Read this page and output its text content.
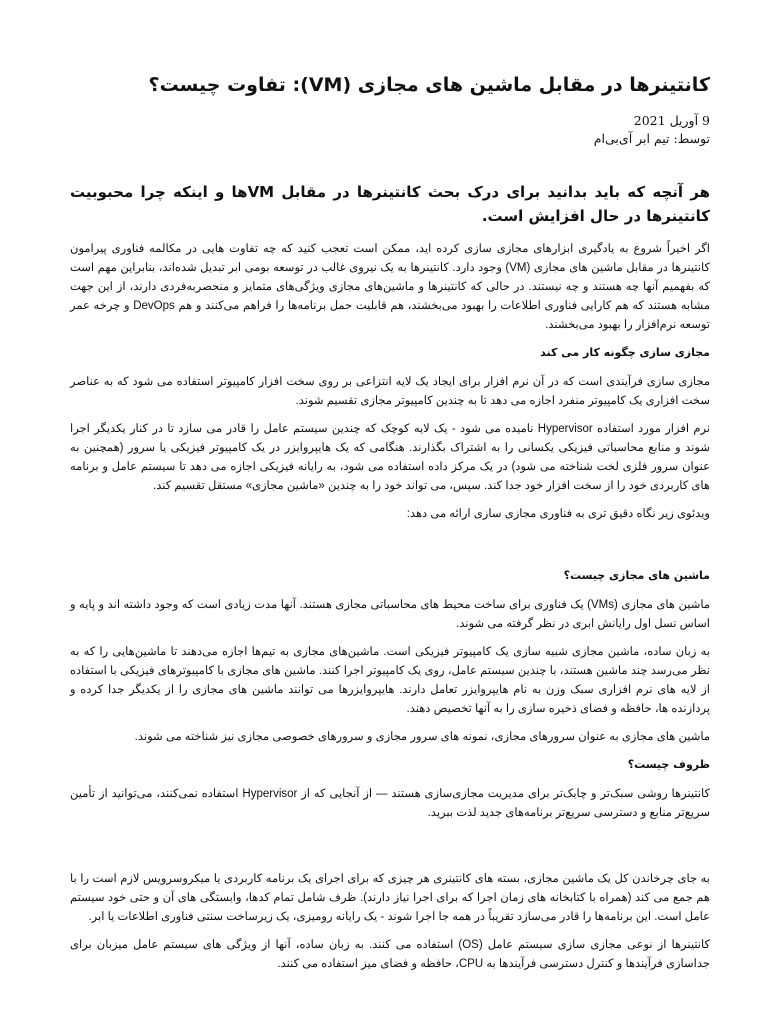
کانتینرها در مقابل ماشین های مجازی (VM): تفاوت چیست؟
9 آوریل 2021
توسط: تیم ابر آی‌بی‌ام
هر آنچه که باید بدانید برای درک بحث کانتینرها در مقابل VMها و اینکه چرا محبوبیت کانتینرها در حال افزایش است.

اگر اخیراً شروع به یادگیری ابزارهای مجازی سازی کرده اید، ممکن است تعجب کنید که چه تفاوت هایی در مکالمه فناوری پیرامون کانتینرها در مقابل ماشین های مجازی (VM) وجود دارد. کانتینرها به یک نیروی غالب در توسعه بومی ابر تبدیل شده‌اند، بنابراین مهم است که بفهمیم آنها چه هستند و چه نیستند. در حالی که کانتینرها و ماشین‌های مجازی ویژگی‌های متمایز و منحصربه‌فردی دارند، از این جهت مشابه هستند که هم کارایی فناوری اطلاعات را بهبود می‌بخشند، هم قابلیت حمل برنامه‌ها را فراهم می‌کنند و هم DevOps و چرخه عمر توسعه نرم‌افزار را بهبود می‌بخشند.

مجازی سازی چگونه کار می کند

مجازی سازی فرآیندی است که در آن نرم افزار برای ایجاد یک لایه انتزاعی بر روی سخت افزار کامپیوتر استفاده می شود که به عناصر سخت افزاری یک کامپیوتر منفرد اجازه می دهد تا به چندین کامپیوتر مجازی تقسیم شوند.

نرم افزار مورد استفاده Hypervisor نامیده می شود - یک لایه کوچک که چندین سیستم عامل را قادر می سازد تا در کنار یکدیگر اجرا شوند و منابع محاسباتی فیزیکی یکسانی را به اشتراک بگذارند. هنگامی که یک هایپروایزر در یک کامپیوتر فیزیکی یا سرور (همچنین به عنوان سرور فلزی لخت شناخته می شود) در یک مرکز داده استفاده می شود، به رایانه فیزیکی اجازه می دهد تا سیستم عامل و برنامه های کاربردی خود را از سخت افزار خود جدا کند. سپس، می تواند خود را به چندین «ماشین مجازی» مستقل تقسیم کند.

ویدئوی زیر نگاه دقیق تری به فناوری مجازی سازی ارائه می دهد:

ماشین های مجازی چیست؟

ماشین های مجازی (VMs) یک فناوری برای ساخت محیط های محاسباتی مجازی هستند. آنها مدت زیادی است که وجود داشته اند و پایه و اساس نسل اول رایانش ابری در نظر گرفته می شوند.

به زبان ساده، ماشین مجازی شبیه سازی یک کامپیوتر فیزیکی است. ماشین‌های مجازی به تیم‌ها اجازه می‌دهند تا ماشین‌هایی را که به نظر می‌رسد چند ماشین هستند، با چندین سیستم عامل، روی یک کامپیوتر اجرا کنند. ماشین های مجازی با کامپیوترهای فیزیکی با استفاده از لایه های نرم افزاری سبک وزن به نام هایپروایزر تعامل دارند. هایپروایزرها می توانند ماشین های مجازی را از یکدیگر جدا کرده و پردازنده ها، حافظه و فضای ذخیره سازی را به آنها تخصیص دهند.

ماشین های مجازی به عنوان سرورهای مجازی، نمونه های سرور مجازی و سرورهای خصوصی مجازی نیز شناخته می شوند.

ظروف چیست؟

کانتینرها روشی سبک‌تر و چابک‌تر برای مدیریت مجازی‌سازی هستند — از آنجایی که از Hypervisor استفاده نمی‌کنند، می‌توانید از تأمین سریع‌تر منابع و دسترسی سریع‌تر برنامه‌های جدید لذت ببرید.

به جای چرخاندن کل یک ماشین مجازی، بسته های کانتینری هر چیزی که برای اجرای یک برنامه کاربردی یا میکروسرویس لازم است را با هم جمع می کند (همراه با کتابخانه های زمان اجرا که برای اجرا نیاز دارند). ظرف شامل تمام کدها، وابستگی های آن و حتی خود سیستم عامل است. این برنامه‌ها را قادر می‌سازد تقریباً در همه جا اجرا شوند - یک رایانه رومیزی، یک زیرساخت سنتی فناوری اطلاعات یا ابر.

کانتینرها از نوعی مجازی سازی سیستم عامل (OS) استفاده می کنند. به زبان ساده، آنها از ویژگی های سیستم عامل میزبان برای جداسازی فرآیندها و کنترل دسترسی فرآیندها به CPU، حافظه و فضای میز استفاده می کنند.
